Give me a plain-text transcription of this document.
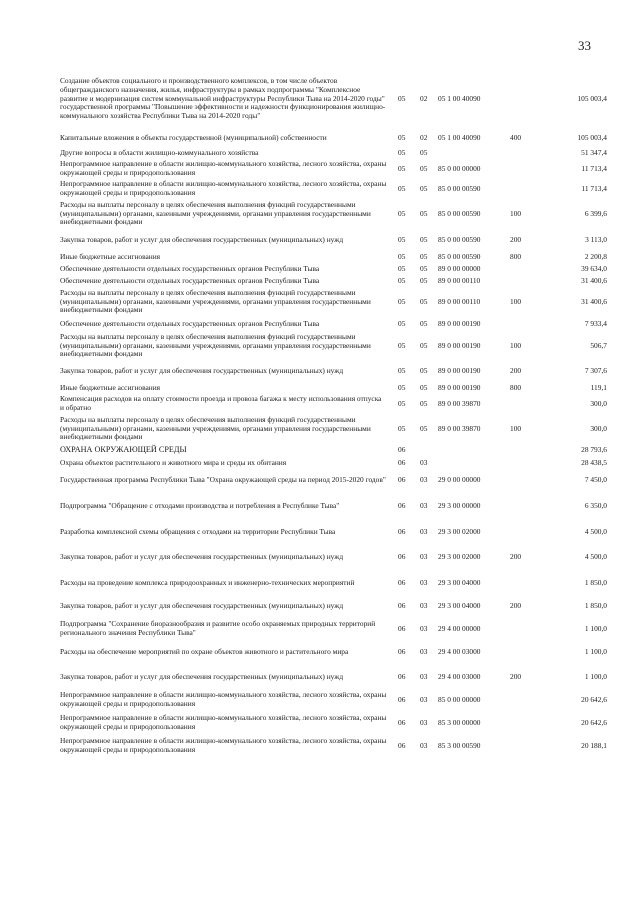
33
Создание объектов социального и производственного комплексов, в том числе объектов общегражданского назначения, жилья, инфраструктуры в рамках подпрограммы "Комплексное развитие и модернизация систем коммунальной инфраструктуры Республики Тыва на 2014-2020 годы" государственной программы "Повышение эффективности и надежности функционирования жилищно-коммунального хозяйства Республики Тыва на 2014-2020 годы"	05	02	05 1 00 40090		105 003,4
Капитальные вложения в объекты государственной (муниципальной) собственности	05	02	05 1 00 40090	400	105 003,4
Другие вопросы в области жилищно-коммунального хозяйства	05	05			51 347,4
Непрограммное направление в области жилищно-коммунального хозяйства, лесного хозяйства, охраны окружающей среды и природопользования	05	05	85 0 00 00000		11 713,4
Непрограммное направление в области жилищно-коммунального хозяйства, лесного хозяйства, охраны окружающей среды и природопользования	05	05	85 0 00 00590		11 713,4
Расходы на выплаты персоналу в целях обеспечения выполнения функций государственными (муниципальными) органами, казенными учреждениями, органами управления государственными внебюджетными фондами	05	05	85 0 00 00590	100	6 399,6
Закупка товаров, работ и услуг для обеспечения государственных (муниципальных) нужд	05	05	85 0 00 00590	200	3 113,0
Иные бюджетные ассигнования	05	05	85 0 00 00590	800	2 200,8
Обеспечение деятельности отдельных государственных органов Республики Тыва	05	05	89 0 00 00000		39 634,0
Обеспечение деятельности отдельных государственных органов Республики Тыва	05	05	89 0 00 00110		31 400,6
Расходы на выплаты персоналу в целях обеспечения выполнения функций государственными (муниципальными) органами, казенными учреждениями, органами управления государственными внебюджетными фондами	05	05	89 0 00 00110	100	31 400,6
Обеспечение деятельности отдельных государственных органов Республики Тыва	05	05	89 0 00 00190		7 933,4
Расходы на выплаты персоналу в целях обеспечения выполнения функций государственными (муниципальными) органами, казенными учреждениями, органами управления государственными внебюджетными фондами	05	05	89 0 00 00190	100	506,7
Закупка товаров, работ и услуг для обеспечения государственных (муниципальных) нужд	05	05	89 0 00 00190	200	7 307,6
Иные бюджетные ассигнования	05	05	89 0 00 00190	800	119,1
Компенсация расходов на оплату стоимости проезда и провоза багажа к месту использования отпуска и обратно	05	05	89 0 00 39870		300,0
Расходы на выплаты персоналу в целях обеспечения выполнения функций государственными (муниципальными) органами, казенными учреждениями, органами управления государственными внебюджетными фондами	05	05	89 0 00 39870	100	300,0
ОХРАНА ОКРУЖАЮЩЕЙ СРЕДЫ	06				28 793,6
Охрана объектов растительного и животного мира и среды их обитания	06	03			28 438,5
Государственная программа Республики Тыва "Охрана окружающей среды на период 2015-2020 годов"	06	03	29 0 00 00000		7 450,0
Подпрограмма "Обращение с отходами производства и потребления в Республике Тыва"	06	03	29 3 00 00000		6 350,0
Разработка комплексной схемы обращения с отходами на территории Республики Тыва	06	03	29 3 00 02000		4 500,0
Закупка товаров, работ и услуг для обеспечения государственных (муниципальных) нужд	06	03	29 3 00 02000	200	4 500,0
Расходы на проведение комплекса природоохранных и инженерно-технических мероприятий	06	03	29 3 00 04000		1 850,0
Закупка товаров, работ и услуг для обеспечения государственных (муниципальных) нужд	06	03	29 3 00 04000	200	1 850,0
Подпрограмма "Сохранение биоразнообразия и развитие особо охраняемых природных территорий регионального значения Республики Тыва"	06	03	29 4 00 00000		1 100,0
Расходы на обеспечение мероприятий по охране объектов животного и растительного мира	06	03	29 4 00 03000		1 100,0
Закупка товаров, работ и услуг для обеспечения государственных (муниципальных) нужд	06	03	29 4 00 03000	200	1 100,0
Непрограммное направление в области жилищно-коммунального хозяйства, лесного хозяйства, охраны окружающей среды и природопользования	06	03	85 0 00 00000		20 642,6
Непрограммное направление в области жилищно-коммунального хозяйства, лесного хозяйства, охраны окружающей среды и природопользования	06	03	85 3 00 00000		20 642,6
Непрограммное направление в области жилищно-коммунального хозяйства, лесного хозяйства, охраны окружающей среды и природопользования	06	03	85 3 00 00590		20 188,1
